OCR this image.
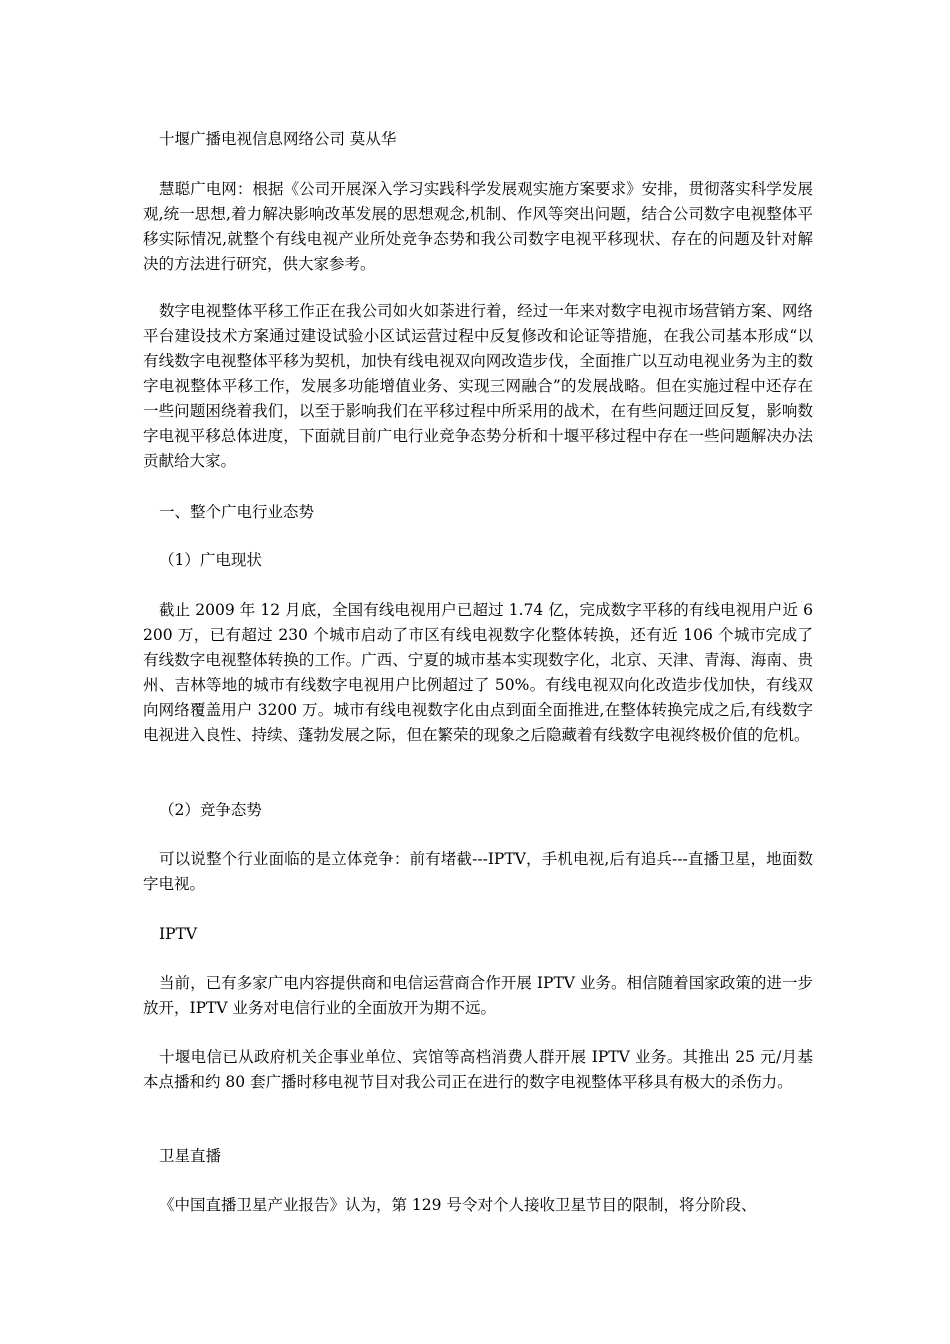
十堰广播电视信息网络公司 莫从华
慧聪广电网：根据《公司开展深入学习实践科学发展观实施方案要求》安排，贯彻落实科学发展观,统一思想,着力解决影响改革发展的思想观念,机制、作风等突出问题，结合公司数字电视整体平移实际情况,就整个有线电视产业所处竞争态势和我公司数字电视平移现状、存在的问题及针对解决的方法进行研究，供大家参考。
数字电视整体平移工作正在我公司如火如荼进行着，经过一年来对数字电视市场营销方案、网络平台建设技术方案通过建设试验小区试运营过程中反复修改和论证等措施，在我公司基本形成“以有线数字电视整体平移为契机，加快有线电视双向网改造步伐，全面推广以互动电视业务为主的数字电视整体平移工作，发展多功能增值业务、实现三网融合”的发展战略。但在实施过程中还存在一些问题困绕着我们，以至于影响我们在平移过程中所采用的战术，在有些问题迂回反复，影响数字电视平移总体进度，下面就目前广电行业竞争态势分析和十堰平移过程中存在一些问题解决办法贡献给大家。
一、整个广电行业态势
（1）广电现状
截止 2009 年 12 月底，全国有线电视用户已超过 1.74 亿，完成数字平移的有线电视用户近 6200 万，已有超过 230 个城市启动了市区有线电视数字化整体转换，还有近 106 个城市完成了有线数字电视整体转换的工作。广西、宁夏的城市基本实现数字化，北京、天津、青海、海南、贵州、吉林等地的城市有线数字电视用户比例超过了 50%。有线电视双向化改造步伐加快，有线双向网络覆盖用户 3200 万。城市有线电视数字化由点到面全面推进,在整体转换完成之后,有线数字电视进入良性、持续、蓬勃发展之际，但在繁荣的现象之后隐藏着有线数字电视终极价值的危机。
（2）竞争态势
可以说整个行业面临的是立体竞争：前有堵截---IPTV，手机电视,后有追兵---直播卫星，地面数字电视。
IPTV
当前，已有多家广电内容提供商和电信运营商合作开展 IPTV 业务。相信随着国家政策的进一步放开，IPTV 业务对电信行业的全面放开为期不远。
十堰电信已从政府机关企事业单位、宾馆等高档消费人群开展 IPTV 业务。其推出 25 元/月基本点播和约 80 套广播时移电视节目对我公司正在进行的数字电视整体平移具有极大的杀伤力。
卫星直播
《中国直播卫星产业报告》认为，第 129 号令对个人接收卫星节目的限制，将分阶段、
